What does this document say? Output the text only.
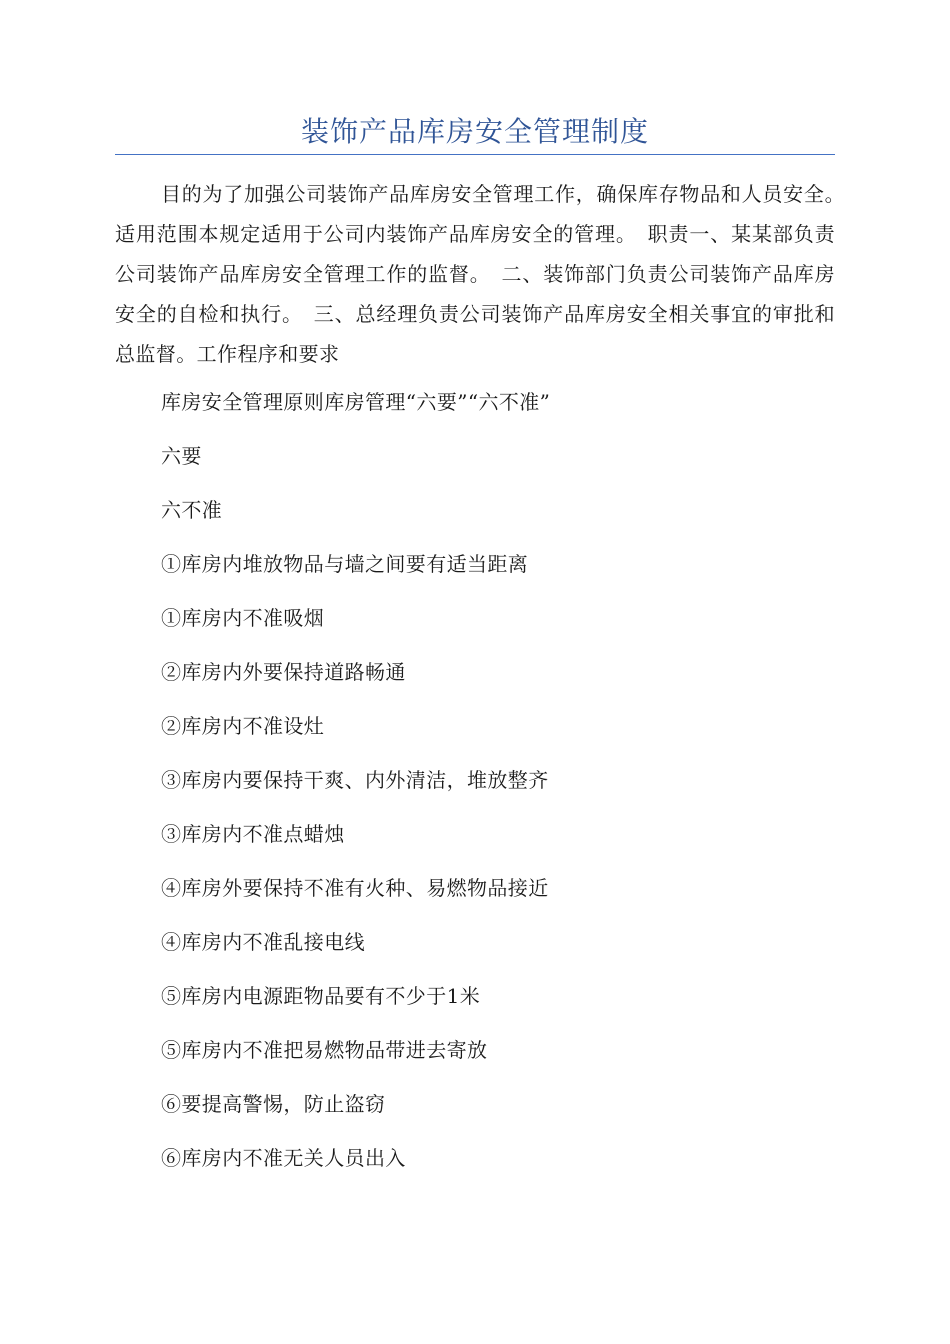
装饰产品库房安全管理制度

目的为了加强公司装饰产品库房安全管理工作，确保库存物品和人员安全。　适用范围本规定适用于公司内装饰产品库房安全的管理。　职责一、某某部负责公司装饰产品库房安全管理工作的监督。　二、装饰部门负责公司装饰产品库房安全的自检和执行。　三、总经理负责公司装饰产品库房安全相关事宜的审批和总监督。工作程序和要求

库房安全管理原则库房管理“六要”“六不准”

六要

六不准

①库房内堆放物品与墙之间要有适当距离

①库房内不准吸烟

②库房内外要保持道路畅通

②库房内不准设灶

③库房内要保持干爽、内外清洁，堆放整齐

③库房内不准点蜡烛

④库房外要保持不准有火种、易燃物品接近

④库房内不准乱接电线

⑤库房内电源距物品要有不少于1米

⑤库房内不准把易燃物品带进去寄放

⑥要提高警惕，防止盗窃

⑥库房内不准无关人员出入
